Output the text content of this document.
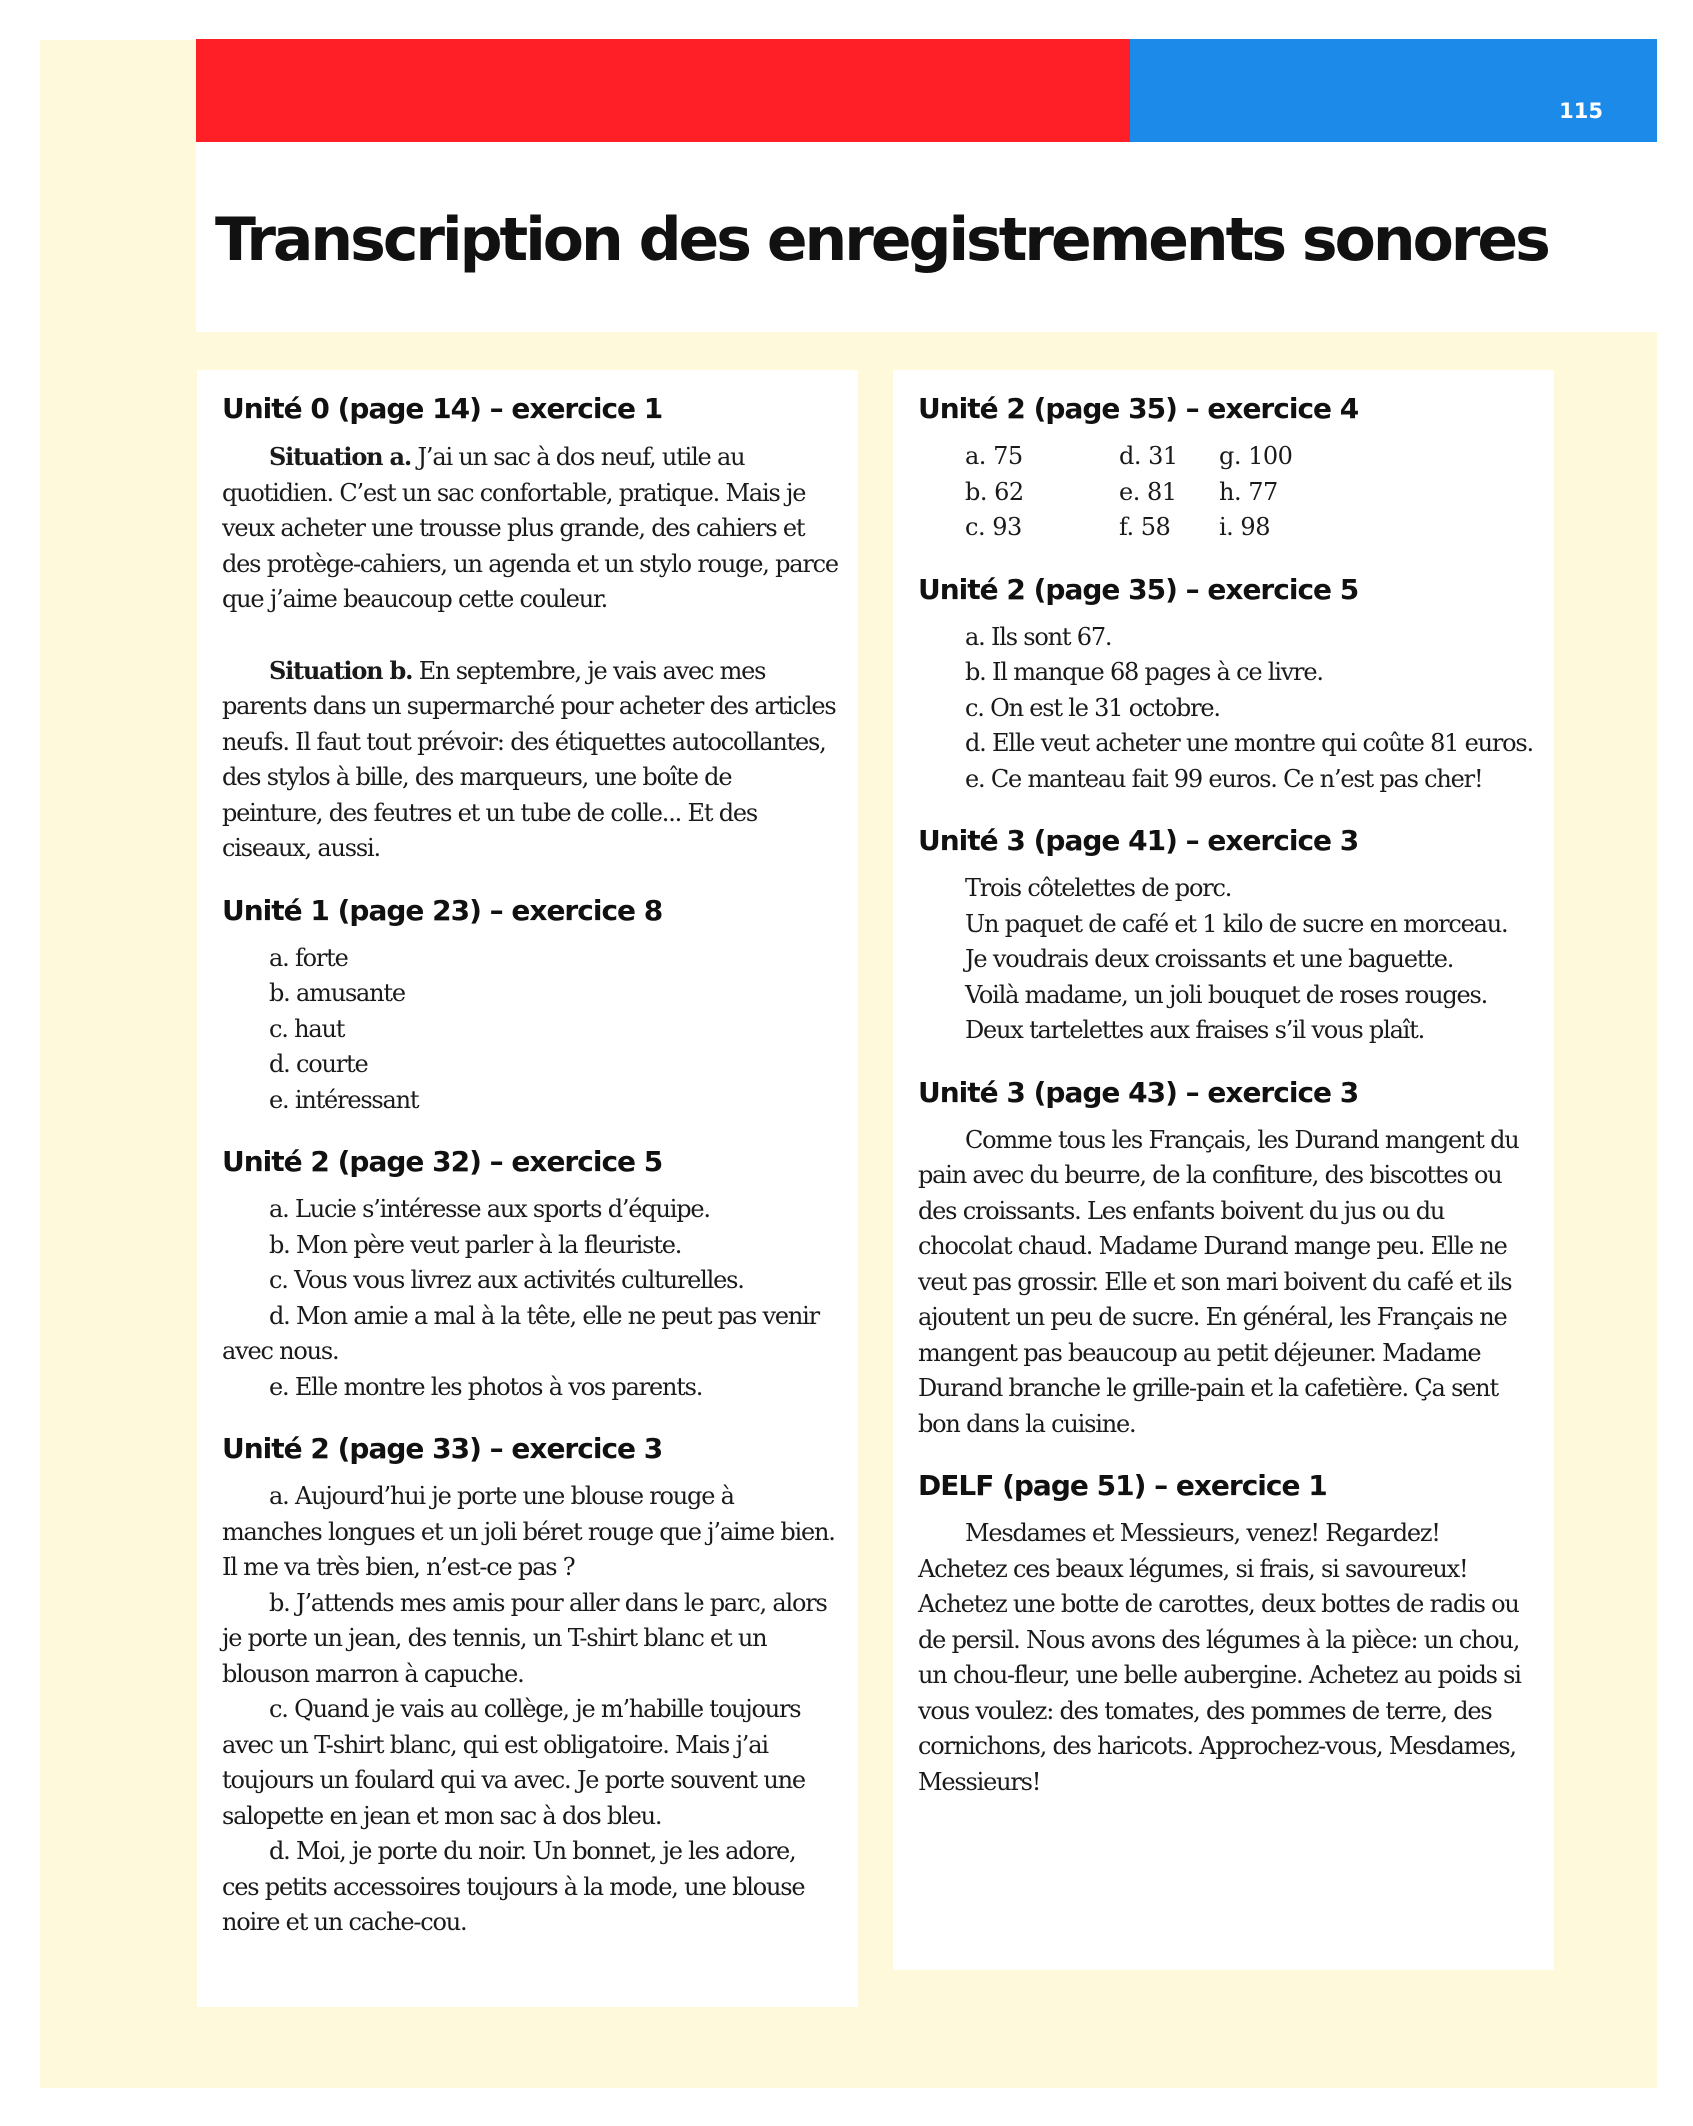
115
Transcription des enregistrements sonores
Unité 0 (page 14) – exercice 1

Situation a. J’ai un sac à dos neuf, utile au quotidien. C’est un sac confortable, pratique. Mais je veux acheter une trousse plus grande, des cahiers et des protège-cahiers, un agenda et un stylo rouge, parce que j’aime beaucoup cette couleur.

Situation b. En septembre, je vais avec mes parents dans un supermarché pour acheter des articles neufs. Il faut tout prévoir: des étiquettes autocollantes, des stylos à bille, des marqueurs, une boîte de peinture, des feutres et un tube de colle... Et des ciseaux, aussi.

Unité 1 (page 23) – exercice 8
a. forte
b. amusante
c. haut
d. courte
e. intéressant
Unité 2 (page 32) – exercice 5

a. Lucie s’intéresse aux sports d’équipe.

b. Mon père veut parler à la fleuriste.

c. Vous vous livrez aux activités culturelles.

d. Mon amie a mal à la tête, elle ne peut pas venir avec nous.

e. Elle montre les photos à vos parents.

Unité 2 (page 33) – exercice 3

a. Aujourd’hui je porte une blouse rouge à manches longues et un joli béret rouge que j’aime bien. Il me va très bien, n’est-ce pas ?

b. J’attends mes amis pour aller dans le parc, alors je porte un jean, des tennis, un T-shirt blanc et un blouson marron à capuche.

c. Quand je vais au collège, je m’habille toujours avec un T-shirt blanc, qui est obligatoire. Mais j’ai toujours un foulard qui va avec. Je porte souvent une salopette en jean et mon sac à dos bleu.

d. Moi, je porte du noir. Un bonnet, je les adore, ces petits accessoires toujours à la mode, une blouse noire et un cache-cou.

Unité 2 (page 35) – exercice 4
a. 75	d. 31	g. 100
b. 62	e. 81	h. 77
c. 93	f. 58	i. 98
Unité 2 (page 35) – exercice 5
a. Ils sont 67.
b. Il manque 68 pages à ce livre.
c. On est le 31 octobre.
d. Elle veut acheter une montre qui coûte 81 euros.
e. Ce manteau fait 99 euros. Ce n’est pas cher!
Unité 3 (page 41) – exercice 3
Trois côtelettes de porc.
Un paquet de café et 1 kilo de sucre en morceau.
Je voudrais deux croissants et une baguette.
Voilà madame, un joli bouquet de roses rouges.
Deux tartelettes aux fraises s’il vous plaît.
Unité 3 (page 43) – exercice 3

Comme tous les Français, les Durand mangent du pain avec du beurre, de la confiture, des biscottes ou des croissants. Les enfants boivent du jus ou du chocolat chaud. Madame Durand mange peu. Elle ne veut pas grossir. Elle et son mari boivent du café et ils ajoutent un peu de sucre. En général, les Français ne mangent pas beaucoup au petit déjeuner. Madame Durand branche le grille-pain et la cafetière. Ça sent bon dans la cuisine.

DELF (page 51) – exercice 1

Mesdames et Messieurs, venez! Regardez! Achetez ces beaux légumes, si frais, si savoureux! Achetez une botte de carottes, deux bottes de radis ou de persil. Nous avons des légumes à la pièce: un chou, un chou-fleur, une belle aubergine. Achetez au poids si vous voulez: des tomates, des pommes de terre, des cornichons, des haricots. Approchez-vous, Mesdames, Messieurs!
